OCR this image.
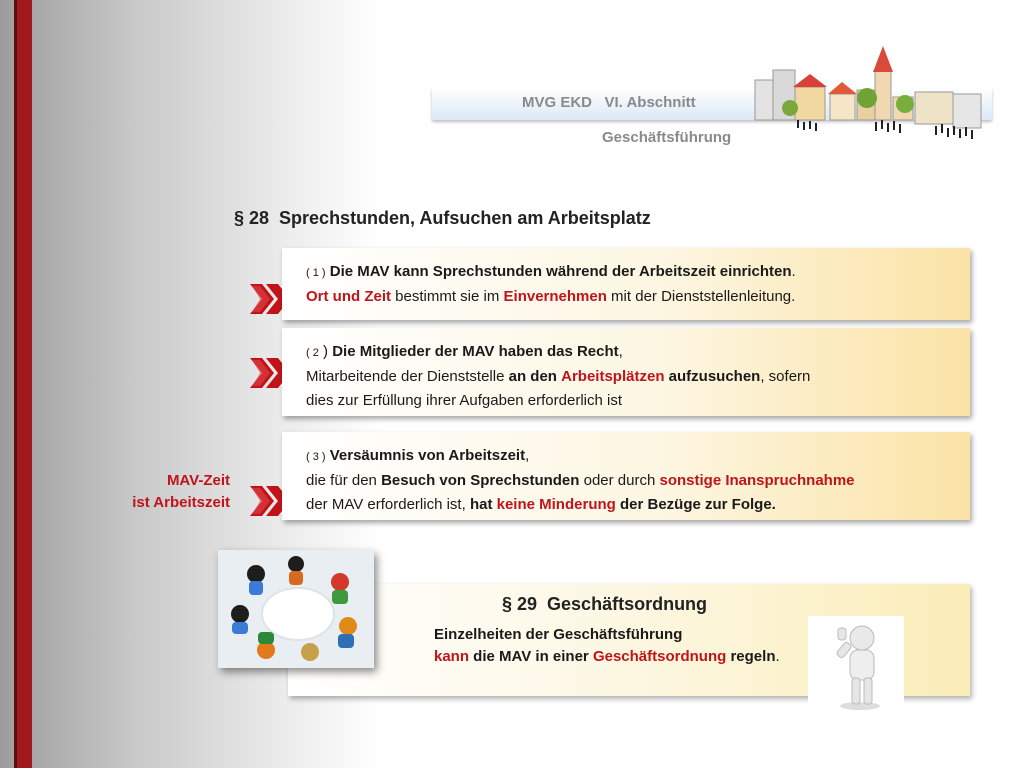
MVG EKD   VI. Abschnitt
Geschäftsführung
§ 28  Sprechstunden, Aufsuchen am Arbeitsplatz
( 1 ) Die MAV kann Sprechstunden während der Arbeitszeit einrichten.
Ort und Zeit bestimmt sie im Einvernehmen mit der Dienststellenleitung.
( 2 ) Die Mitglieder der MAV haben das Recht,
Mitarbeitende der Dienststelle an den Arbeitsplätzen aufzusuchen, sofern
dies zur Erfüllung ihrer Aufgaben erforderlich ist
( 3 ) Versäumnis von Arbeitszeit,
die für den Besuch von Sprechstunden oder durch sonstige Inanspruchnahme
der MAV erforderlich ist, hat keine Minderung der Bezüge zur Folge.
MAV-Zeit
ist Arbeitszeit
§ 29  Geschäftsordnung
Einzelheiten der Geschäftsführung
kann die MAV in einer Geschäftsordnung regeln.
